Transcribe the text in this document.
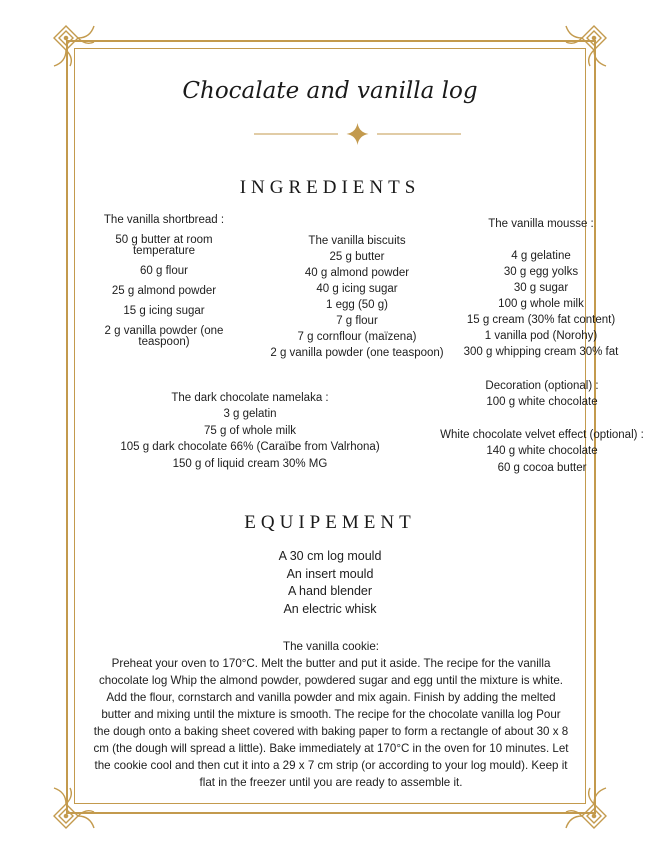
Chocalate and vanilla log
INGREDIENTS

The vanilla shortbread :

50 g butter at room temperature

60 g flour

25 g almond powder

15 g icing sugar

2 g vanilla powder (one teaspoon)

The vanilla biscuits

25 g butter

40 g almond powder

40 g icing sugar

1 egg (50 g)

7 g flour

7 g cornflour (maïzena)

2 g vanilla powder (one teaspoon)

The vanilla mousse :

4 g gelatine

30 g egg yolks

30 g sugar

100 g whole milk

15 g cream (30% fat content)

1 vanilla pod (Norohy)

300 g whipping cream 30% fat

The dark chocolate namelaka :

3 g gelatin

75 g of whole milk

105 g dark chocolate 66% (Caraïbe from Valrhona)

150 g of liquid cream 30% MG

Decoration (optional) :

100 g white chocolate

White chocolate velvet effect (optional) :

140 g white chocolate

60 g cocoa butter

EQUIPEMENT

A 30 cm log mould

An insert mould

A hand blender

An electric whisk

The vanilla cookie:

Preheat your oven to 170°C. Melt the butter and put it aside. The recipe for the vanilla chocolate log Whip the almond powder, powdered sugar and egg until the mixture is white. Add the flour, cornstarch and vanilla powder and mix again. Finish by adding the melted butter and mixing until the mixture is smooth. The recipe for the chocolate vanilla log Pour the dough onto a baking sheet covered with baking paper to form a rectangle of about 30 x 8 cm (the dough will spread a little). Bake immediately at 170°C in the oven for 10 minutes. Let the cookie cool and then cut it into a 29 x 7 cm strip (or according to your log mould). Keep it flat in the freezer until you are ready to assemble it.
